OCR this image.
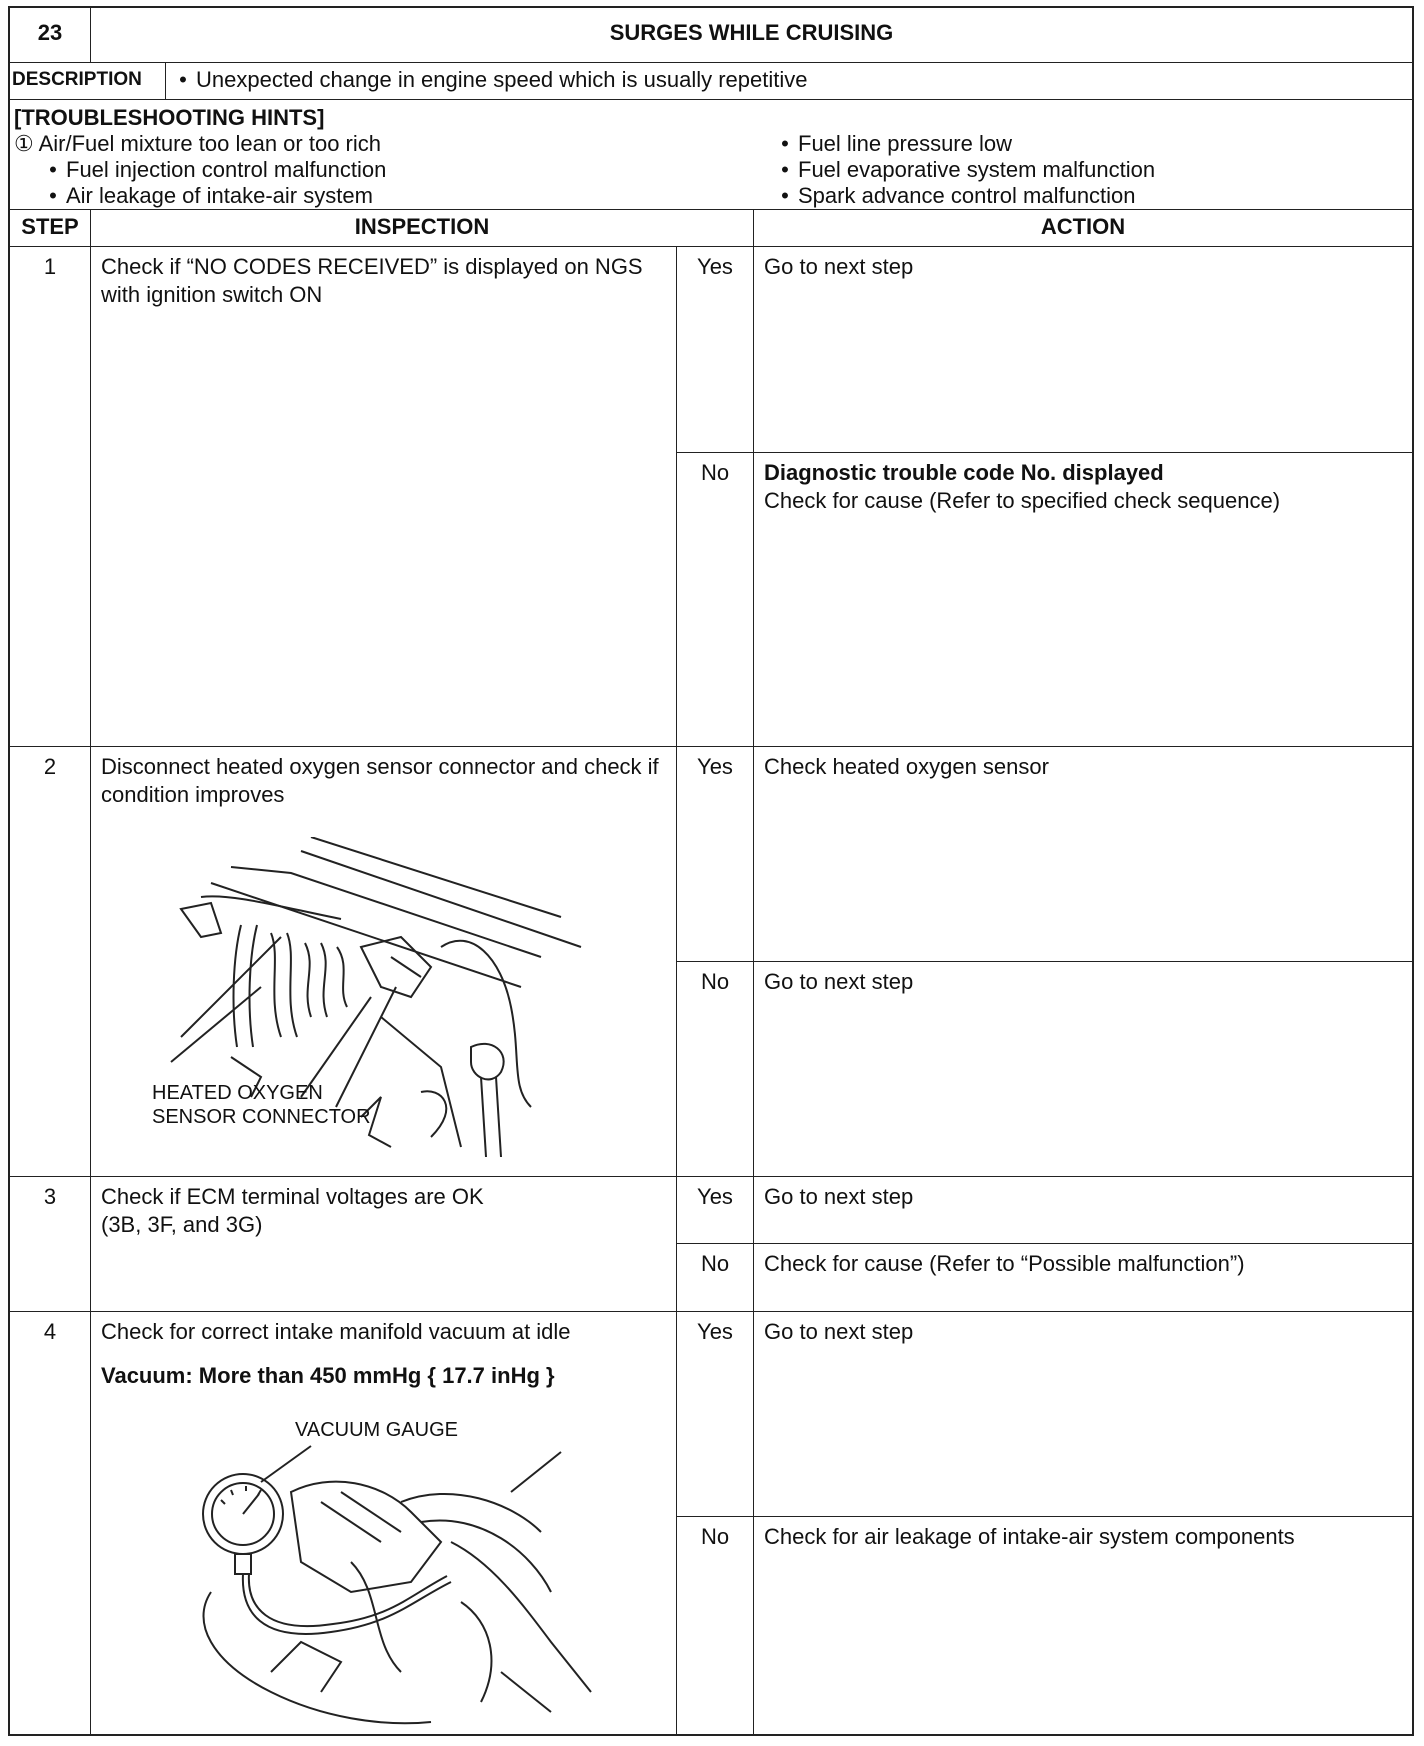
23	SURGES WHILE CRUISING
DESCRIPTION
•	Unexpected change in engine speed which is usually repetitive
[TROUBLESHOOTING HINTS]
① Air/Fuel mixture too lean or too rich
• Fuel injection control malfunction
• Air leakage of intake-air system
• Fuel line pressure low
• Fuel evaporative system malfunction
• Spark advance control malfunction
STEP	INSPECTION	ACTION
1	Check if “NO CODES RECEIVED” is displayed on NGS with ignition switch ON
Yes	Go to next step
No	Diagnostic trouble code No. displayed
Check for cause (Refer to specified check sequence)
2	Disconnect heated oxygen sensor connector and check if condition improves
HEATED OXYGEN
SENSOR CONNECTOR
Yes	Check heated oxygen sensor
No	Go to next step
3	Check if ECM terminal voltages are OK
(3B, 3F, and 3G)
Yes	Go to next step
No	Check for cause (Refer to “Possible malfunction”)
4	Check for correct intake manifold vacuum at idle
Vacuum: More than 450 mmHg { 17.7 inHg }
VACUUM GAUGE
Yes	Go to next step
No	Check for air leakage of intake-air system components
